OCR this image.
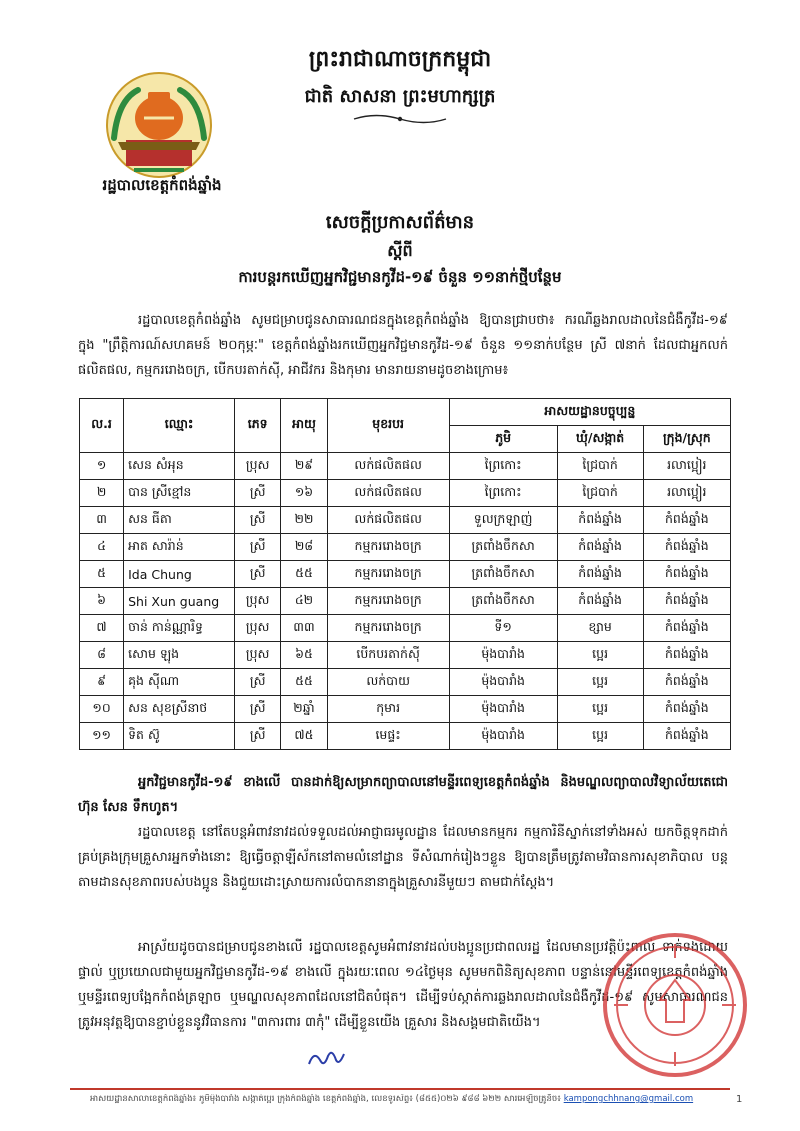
ព្រះរាជាណាចក្រកម្ពុជា
ជាតិ សាសនា ព្រះមហាក្សត្រ
រដ្ឋបាលខេត្តកំពង់ឆ្នាំង
សេចក្តីប្រកាសព័ត៌មាន
ស្តីពី
ការបន្តរកឃើញអ្នកវិជ្ជមានកូវីដ-១៩ ចំនួន ១១នាក់ថ្មីបន្ថែម
រដ្ឋបាលខេត្តកំពង់ឆ្នាំង សូមជម្រាបជូនសាធារណជនក្នុងខេត្តកំពង់ឆ្នាំង ឱ្យបានជ្រាបថា៖ ករណីឆ្លងរាលដាលនៃជំងឺកូវីដ-១៩ ក្នុង "ព្រឹត្តិការណ៍សហគមន៍ ២០កុម្ភៈ" ខេត្តកំពង់ឆ្នាំងរកឃើញអ្នកវិជ្ជមានកូវីដ-១៩ ចំនួន ១១នាក់បន្ថែម ស្រី ៧នាក់ ដែលជាអ្នកលក់ផលិតផល, កម្មកររោងចក្រ, បើកបរតាក់ស៊ី, អាជីវករ និងកុមារ មានរាយនាមដូចខាងក្រោម៖
ល.រ	ឈ្មោះ	ភេទ	អាយុ	មុខរបរ	អាសយដ្ឋានបច្ចុប្បន្ន		
					ភូមិ	ឃុំ/សង្កាត់	ក្រុង/ស្រុក
១	សេន សំអុន	ប្រុស	២៩	លក់ផលិតផល	ព្រៃកោះ	ជ្រៃបាក់	រលាប្អៀរ
២	បាន ស្រីខ្មៅន	ស្រី	១៦	លក់ផលិតផល	ព្រៃកោះ	ជ្រៃបាក់	រលាប្អៀរ
៣	សន ធីតា	ស្រី	២២	លក់ផលិតផល	ទួលក្រឡាញ់	កំពង់ឆ្នាំង	កំពង់ឆ្នាំង
៤	អាត សារ៉ាន់	ស្រី	២៨	កម្មកររោងចក្រ	ត្រពាំងចឹកសា	កំពង់ឆ្នាំង	កំពង់ឆ្នាំង
៥	Ida Chung	ស្រី	៥៥	កម្មកររោងចក្រ	ត្រពាំងចឹកសា	កំពង់ឆ្នាំង	កំពង់ឆ្នាំង
៦	Shi Xun guang	ប្រុស	៤២	កម្មកររោងចក្រ	ត្រពាំងចឹកសា	កំពង់ឆ្នាំង	កំពង់ឆ្នាំង
៧	ចាន់ កាន់ណ្ណារិទ្ធ	ប្រុស	៣៣	កម្មកររោងចក្រ	ទី១	ខ្សាម	កំពង់ឆ្នាំង
៨	សោម ឡុង	ប្រុស	៦៥	បើកបរតាក់ស៊ី	ម៉ុងបារាំង	ប្អេរ	កំពង់ឆ្នាំង
៩	គុង ស៊ីណា	ស្រី	៥៥	លក់បាយ	ម៉ុងបារាំង	ប្អេរ	កំពង់ឆ្នាំង
១០	សន សុខស្រីនាថ	ស្រី	២ឆ្នាំ	កុមារ	ម៉ុងបារាំង	ប្អេរ	កំពង់ឆ្នាំង
១១	ទិត ស៊ូ	ស្រី	៧៥	មេផ្ទះ	ម៉ុងបារាំង	ប្អេរ	កំពង់ឆ្នាំង
អ្នកវិជ្ជមានកូវីដ-១៩ ខាងលើ បានដាក់ឱ្យសម្រាកព្យាបាលនៅមន្ទីរពេទ្យខេត្តកំពង់ឆ្នាំង និងមណ្ឌលព្យាបាលវិទ្យាល័យតេជោ ហ៊ុន សែន ទឹកហូត។
រដ្ឋបាលខេត្ត នៅតែបន្តអំពាវនាវដល់ទទួលដល់អាជ្ញាធរមូលដ្ឋាន ដែលមានកម្មករ កម្មការិនីស្នាក់នៅទាំងអស់ យកចិត្តទុកដាក់គ្រប់គ្រងក្រុមគ្រួសារអ្នកទាំងនោះ ឱ្យធ្វើចត្តាឡីស័កនៅតាមលំនៅដ្ឋាន ទីសំណាក់រៀងៗខ្លួន ឱ្យបានត្រឹមត្រូវតាមវិធានការសុខាភិបាល បន្តតាមដានសុខភាពរបស់បងប្អូន និងជួយដោះស្រាយការលំបាកនានាក្នុងគ្រួសារនីមួយៗ តាមជាក់ស្តែង។
អាស្រ័យដូចបានជម្រាបជូនខាងលើ រដ្ឋបាលខេត្តសូមអំពាវនាវដល់បងប្អូនប្រជាពលរដ្ឋ ដែលមានប្រវត្តិប៉ះពាល់ ទាក់ទងដោយផ្ទាល់ ឬប្រយោលជាមួយអ្នកវិជ្ជមានកូវីដ-១៩ ខាងលើ ក្នុងរយៈពេល ១៤ថ្ងៃមុន សូមមកពិនិត្យសុខភាព បន្ទាន់នៅមន្ទីរពេទ្យខេត្តកំពង់ឆ្នាំង ឬមន្ទីរពេទ្យបង្អែកកំពង់ត្រឡាច ឬមណ្ឌលសុខភាពដែលនៅជិតបំផុត។ ដើម្បីទប់ស្កាត់ការឆ្លងរាលដាលនៃជំងឺកូវីដ-១៩ សូមសាធារណជន ត្រូវអនុវត្តឱ្យបានខ្ជាប់ខ្លួននូវវិធានការ "៣ការពារ ៣កុំ" ដើម្បីខ្លួនយើង គ្រួសារ និងសង្គមជាតិយើង។
អាសយដ្ឋានសាលាខេត្តកំពង់ឆ្នាំង៖ ភូមិម៉ុងបារាំង សង្កាត់ប្អេរ ក្រុងកំពង់ឆ្នាំង ខេត្តកំពង់ឆ្នាំង, លេខទូរស័ព្ទ៖ (៨៥៥)០២៦ ៩៨៨ ៦២២ សារអេឡិចត្រូនិច៖ kampongchhnang@gmail.com	1
